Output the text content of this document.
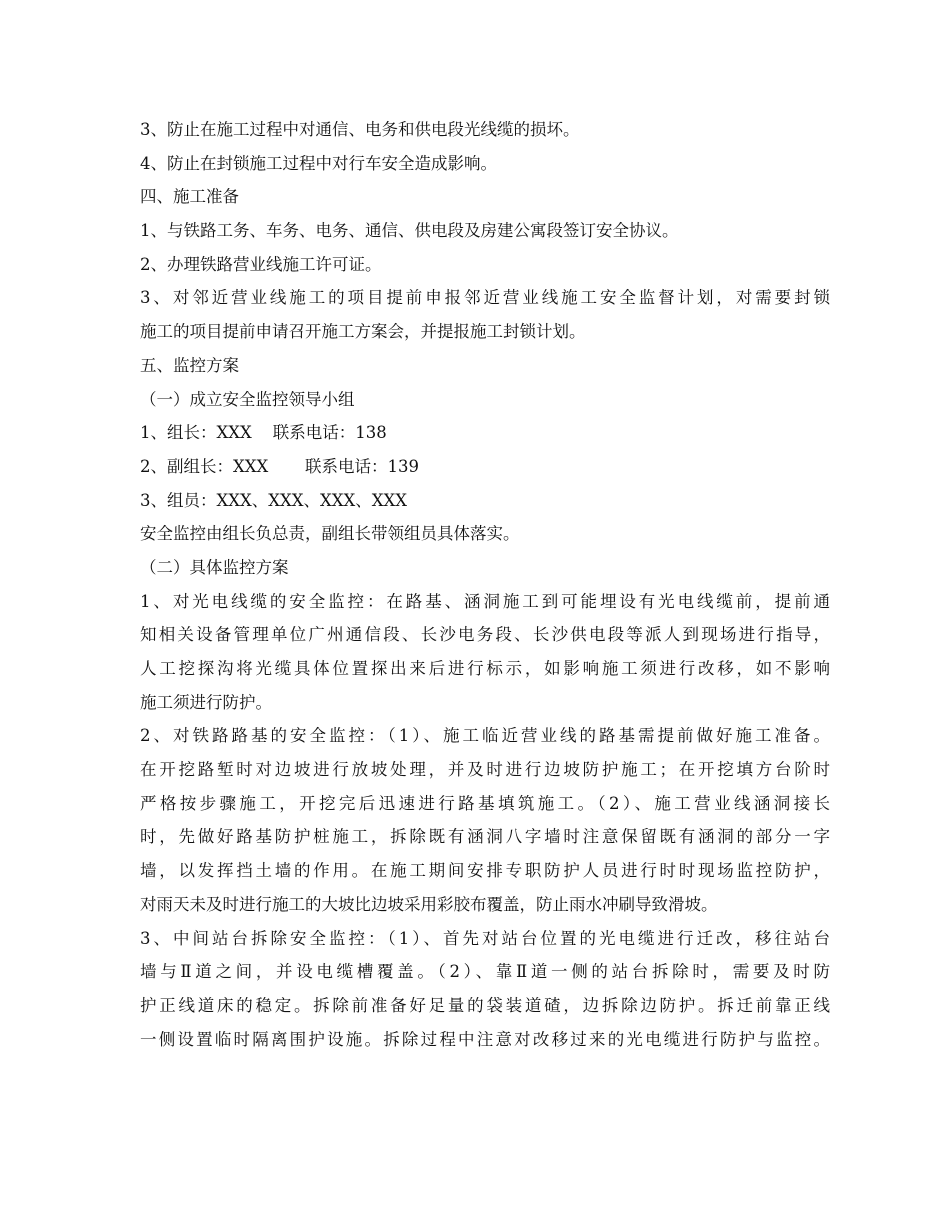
3、防止在施工过程中对通信、电务和供电段光线缆的损坏。
4、防止在封锁施工过程中对行车安全造成影响。
四、施工准备
1、与铁路工务、车务、电务、通信、供电段及房建公寓段签订安全协议。
2、办理铁路营业线施工许可证。
3、对邻近营业线施工的项目提前申报邻近营业线施工安全监督计划，对需要封锁
施工的项目提前申请召开施工方案会，并提报施工封锁计划。
五、监控方案
（一）成立安全监控领导小组
1、组长：XXX    联系电话：138
2、副组长：XXX       联系电话：139
3、组员：XXX、XXX、XXX、XXX
安全监控由组长负总责，副组长带领组员具体落实。
（二）具体监控方案
1、对光电线缆的安全监控：在路基、涵洞施工到可能埋设有光电线缆前，提前通
知相关设备管理单位广州通信段、长沙电务段、长沙供电段等派人到现场进行指导，
人工挖探沟将光缆具体位置探出来后进行标示，如影响施工须进行改移，如不影响
施工须进行防护。
2、对铁路路基的安全监控：（1）、施工临近营业线的路基需提前做好施工准备。
在开挖路堑时对边坡进行放坡处理，并及时进行边坡防护施工；在开挖填方台阶时
严格按步骤施工，开挖完后迅速进行路基填筑施工。（2）、施工营业线涵洞接长
时，先做好路基防护桩施工，拆除既有涵洞八字墙时注意保留既有涵洞的部分一字
墙，以发挥挡土墙的作用。在施工期间安排专职防护人员进行时时现场监控防护，
对雨天未及时进行施工的大坡比边坡采用彩胶布覆盖，防止雨水冲刷导致滑坡。
3、中间站台拆除安全监控：（1）、首先对站台位置的光电缆进行迁改，移往站台
墙与Ⅱ道之间，并设电缆槽覆盖。（2）、靠Ⅱ道一侧的站台拆除时，需要及时防
护正线道床的稳定。拆除前准备好足量的袋装道碴，边拆除边防护。拆迁前靠正线
一侧设置临时隔离围护设施。拆除过程中注意对改移过来的光电缆进行防护与监控。
